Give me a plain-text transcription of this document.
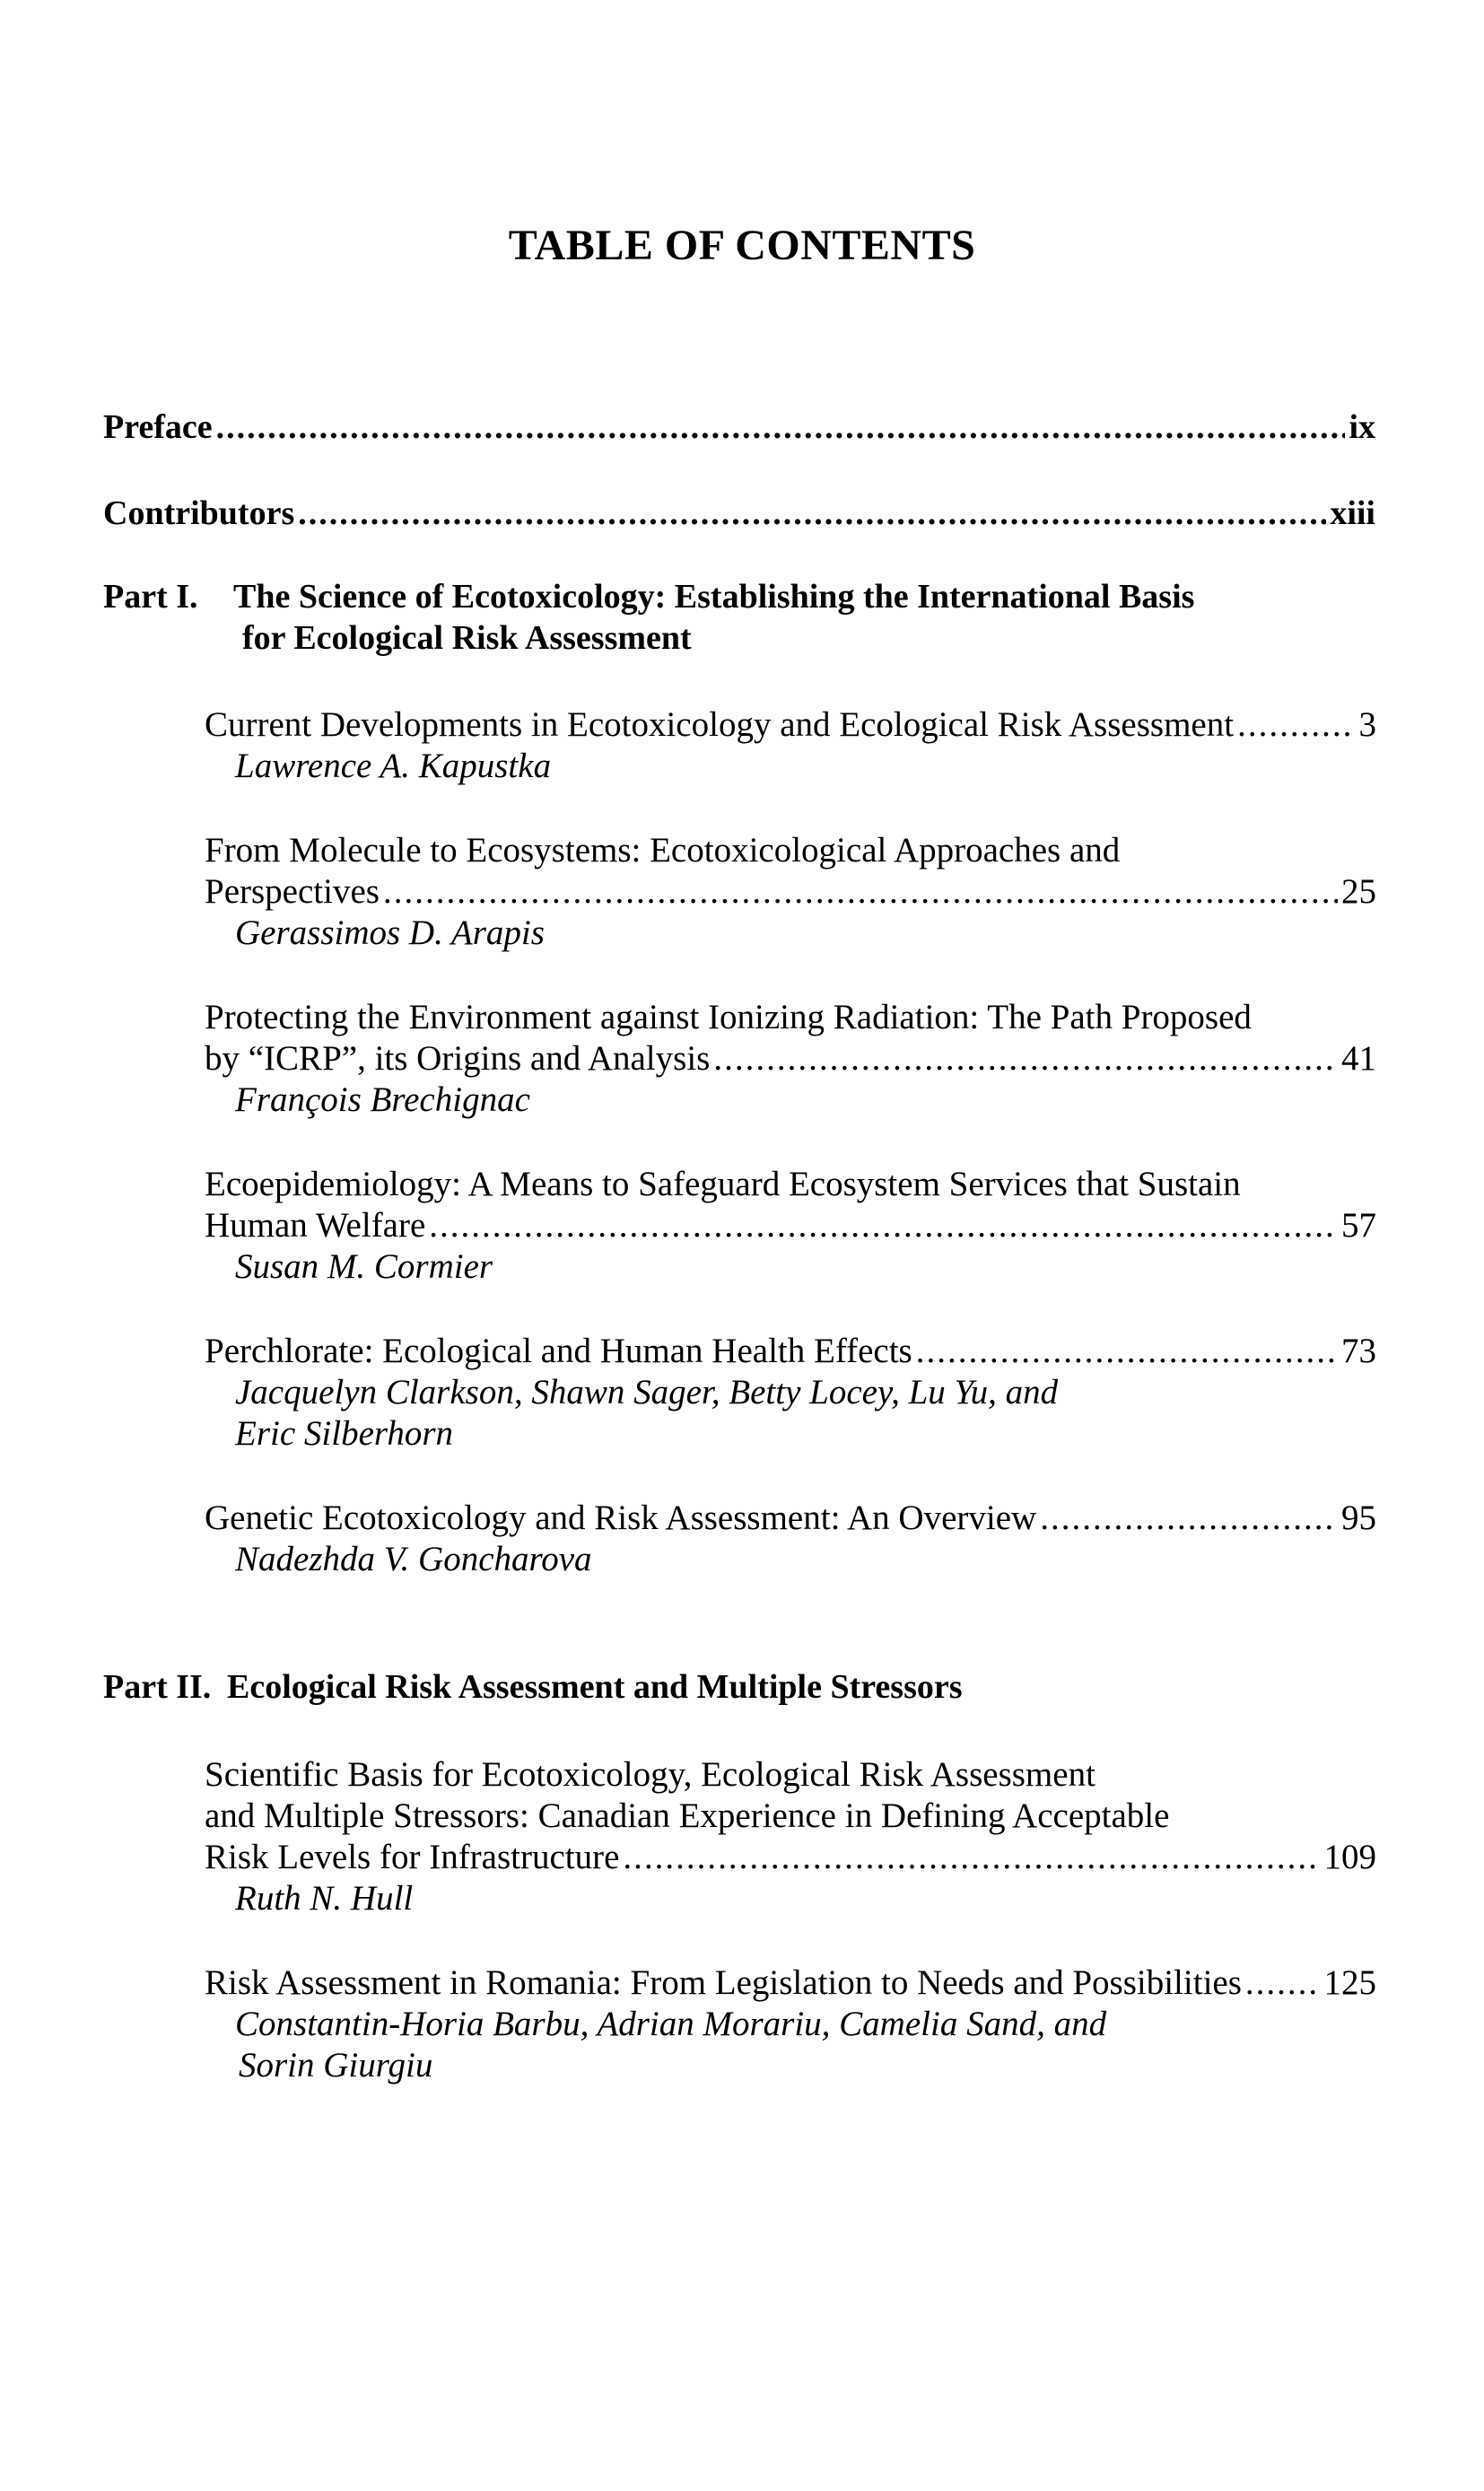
TABLE OF CONTENTS
Preface .....	ix
Contributors .....	xiii
Part I. The Science of Ecotoxicology: Establishing the International Basis
for Ecological Risk Assessment
Current Developments in Ecotoxicology and Ecological Risk Assessment .....	3
Lawrence A. Kapustka
From Molecule to Ecosystems: Ecotoxicological Approaches and
Perspectives .....	25
Gerassimos D. Arapis
Protecting the Environment against Ionizing Radiation: The Path Proposed
by “ICRP”, its Origins and Analysis .....	41
François Brechignac
Ecoepidemiology: A Means to Safeguard Ecosystem Services that Sustain
Human Welfare .....	57
Susan M. Cormier
Perchlorate: Ecological and Human Health Effects .....	73
Jacquelyn Clarkson, Shawn Sager, Betty Locey, Lu Yu, and
Eric Silberhorn
Genetic Ecotoxicology and Risk Assessment: An Overview .....	95
Nadezhda V. Goncharova
Part II. Ecological Risk Assessment and Multiple Stressors
Scientific Basis for Ecotoxicology, Ecological Risk Assessment
and Multiple Stressors: Canadian Experience in Defining Acceptable
Risk Levels for Infrastructure .....	109
Ruth N. Hull
Risk Assessment in Romania: From Legislation to Needs and Possibilities ..... 125
Constantin-Horia Barbu, Adrian Morariu, Camelia Sand, and
Sorin Giurgiu
